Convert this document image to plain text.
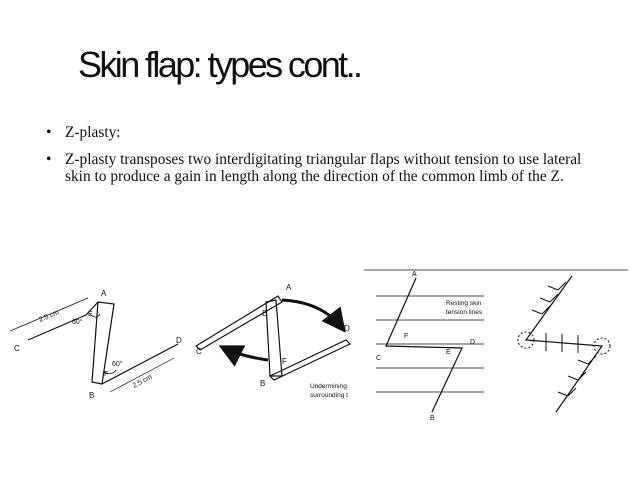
Skin flap: types cont..
• Z-plasty:
• Z-plasty transposes two interdigitating triangular flaps without tension to use lateral skin to produce a gain in length along the direction of the common limb of the Z.
A
C
D
B
E
F
2.5 cm
2.5 cm
60°
60°
A
C
D
B
E
F
Undermining
surrounding t
A
C
D
B
E
F
Resting skin
tension lines
